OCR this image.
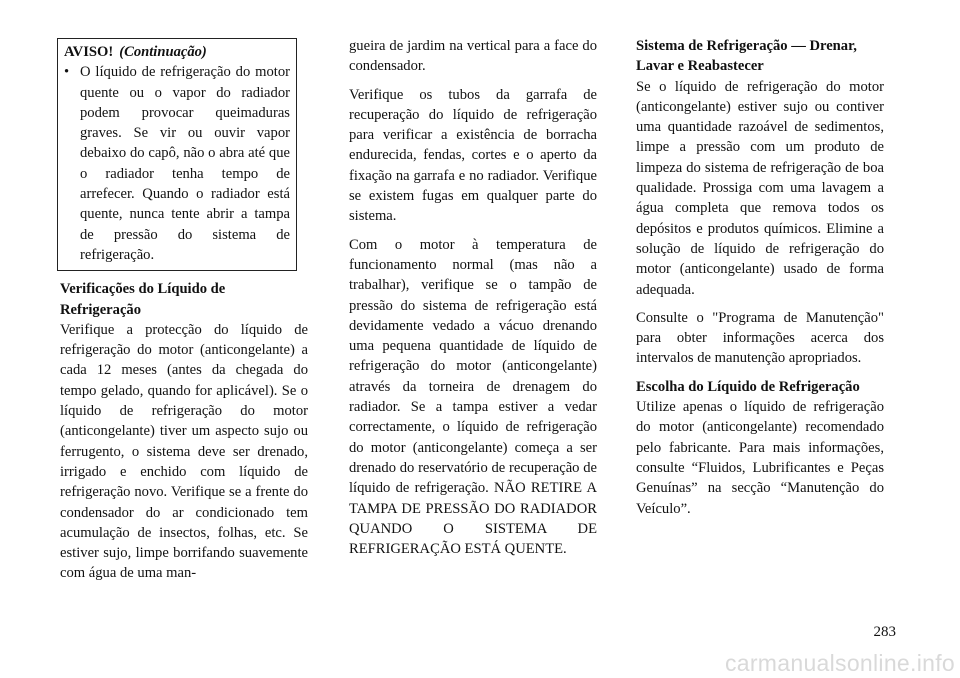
AVISO! (Continuação)
• O líquido de refrigeração do motor quente ou o vapor do radiador podem provocar queimaduras graves. Se vir ou ouvir vapor debaixo do capô, não o abra até que o radiador tenha tempo de arrefecer. Quando o radiador está quente, nunca tente abrir a tampa de pressão do sistema de refrigeração.
Verificações do Líquido de Refrigeração

Verifique a protecção do líquido de refrigeração do motor (anticongelante) a cada 12 meses (antes da chegada do tempo gelado, quando for aplicável). Se o líquido de refrigeração do motor (anticongelante) tiver um aspecto sujo ou ferrugento, o sistema deve ser drenado, irrigado e enchido com líquido de refrigeração novo. Verifique se a frente do condensador do ar condicionado tem acumulação de insectos, folhas, etc. Se estiver sujo, limpe borrifando suavemente com água de uma man-

gueira de jardim na vertical para a face do condensador.

Verifique os tubos da garrafa de recuperação do líquido de refrigeração para verificar a existência de borracha endurecida, fendas, cortes e o aperto da fixação na garrafa e no radiador. Verifique se existem fugas em qualquer parte do sistema.

Com o motor à temperatura de funcionamento normal (mas não a trabalhar), verifique se o tampão de pressão do sistema de refrigeração está devidamente vedado a vácuo drenando uma pequena quantidade de líquido de refrigeração do motor (anticongelante) através da torneira de drenagem do radiador. Se a tampa estiver a vedar correctamente, o líquido de refrigeração do motor (anticongelante) começa a ser drenado do reservatório de recuperação de líquido de refrigeração. NÃO RETIRE A TAMPA DE PRESSÃO DO RADIADOR QUANDO O SISTEMA DE REFRIGERAÇÃO ESTÁ QUENTE.

Sistema de Refrigeração — Drenar, Lavar e Reabastecer

Se o líquido de refrigeração do motor (anticongelante) estiver sujo ou contiver uma quantidade razoável de sedimentos, limpe a pressão com um produto de limpeza do sistema de refrigeração de boa qualidade. Prossiga com uma lavagem a água completa que remova todos os depósitos e produtos químicos. Elimine a solução de líquido de refrigeração do motor (anticongelante) usado de forma adequada.

Consulte o "Programa de Manutenção" para obter informações acerca dos intervalos de manutenção apropriados.

Escolha do Líquido de Refrigeração

Utilize apenas o líquido de refrigeração do motor (anticongelante) recomendado pelo fabricante. Para mais informações, consulte “Fluidos, Lubrificantes e Peças Genuínas” na secção “Manutenção do Veículo”.

283
carmanualsonline.info
